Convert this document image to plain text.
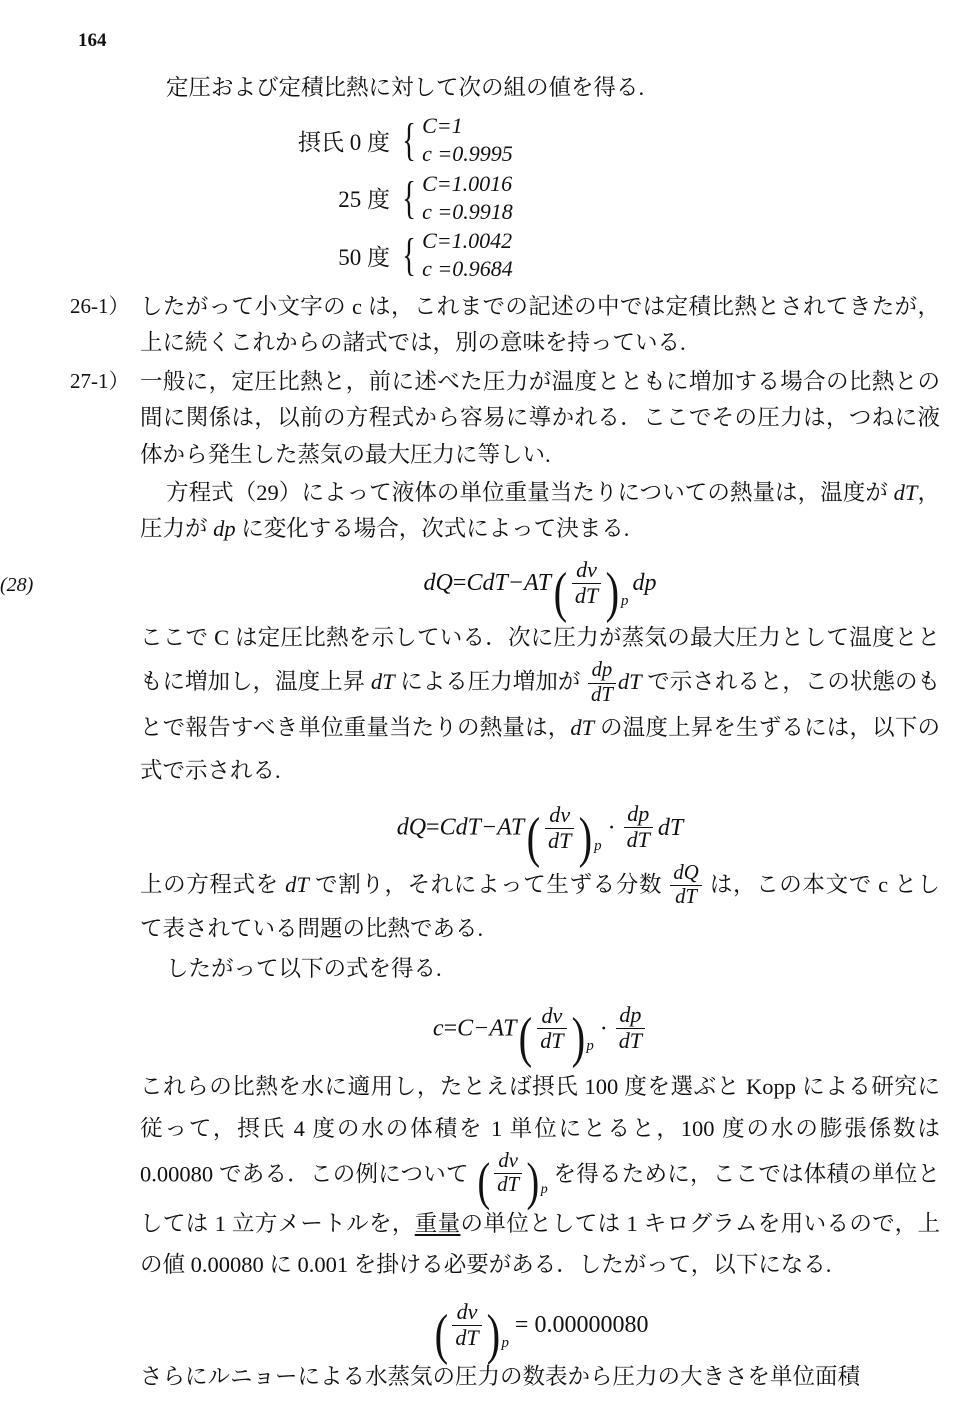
164

定圧および定積比熱に対して次の組の値を得る.

摂氏 0 度 { C=1
c =0.9995
25 度 { C=1.0016
c =0.9918
50 度 { C=1.0042
c =0.9684
26-1） したがって小文字の c は，これまでの記述の中では定積比熱とされてきたが，上に続くこれからの諸式では，別の意味を持っている.
27-1） 一般に，定圧比熱と，前に述べた圧力が温度とともに増加する場合の比熱との間に関係は，以前の方程式から容易に導かれる．ここでその圧力は，つねに液体から発生した蒸気の最大圧力に等しい.

方程式（29）によって液体の単位重量当たりについての熱量は，温度が dT，圧力が dp に変化する場合，次式によって決まる.

(28)	$dQ=CdT-AT( \frac{dv}{dT}$ ) $_p$dp

ここで C は定圧比熱を示している．次に圧力が蒸気の最大圧力として温度とともに増加し，温度上昇 dT による圧力増加が $\frac{dp}{dT}$ dT で示されると，この状態のもとで報告すべき単位重量当たりの熱量は，dT の温度上昇を生ずるには，以下の式で示される.

$dQ=CdT-AT( \frac{dv}{dT}$ ) $_p\cdot \frac{dp}{dT}$ dT

上の方程式を dT で割り，それによって生ずる分数 $\frac{dQ}{dT}$ は，この本文で c として表されている問題の比熱である.

したがって以下の式を得る.

$c=C-AT( \frac{dv}{dT}$ ) $_p\cdot \frac{dp}{dT}$

これらの比熱を水に適用し，たとえば摂氏 100 度を選ぶと Kopp による研究に従って，摂氏 4 度の水の体積を 1 単位にとると，100 度の水の膨張係数は 0.00080 である．この例について ( $\frac{dv}{dT} )_p$ を得るために，ここでは体積の単位としては 1 立方メートルを，重量の単位としては 1 キログラムを用いるので，上の値 0.00080 に 0.001 を掛ける必要がある．したがって，以下になる.

( $\frac{dv}{dT}$ ) $_p$= 0.00000080

さらにルニョーによる水蒸気の圧力の数表から圧力の大きさを単位面積
